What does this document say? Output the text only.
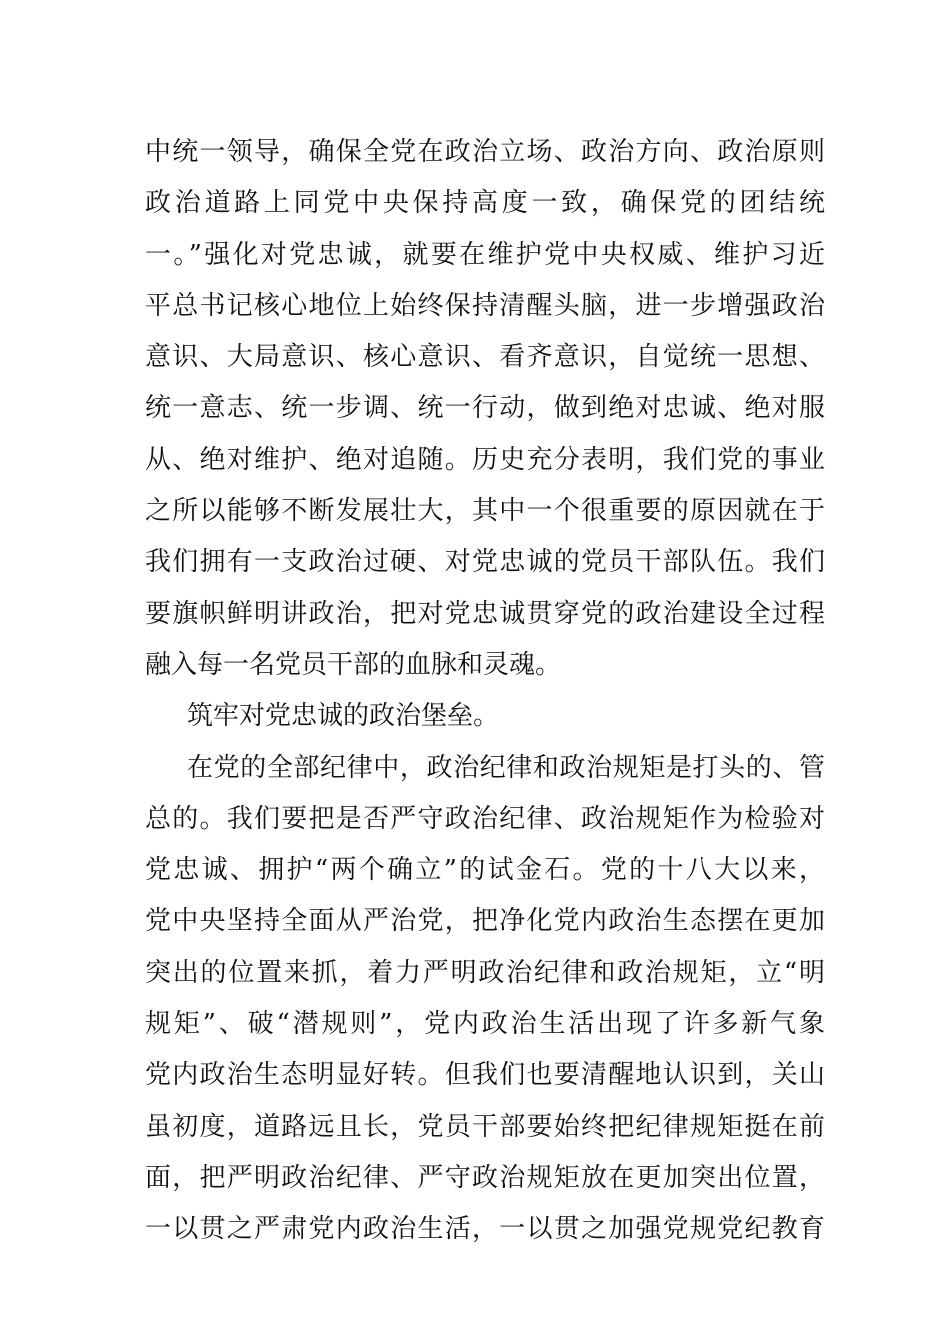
中统一领导，确保全党在政治立场、政治方向、政治原则
政治道路上同党中央保持高度一致，确保党的团结统
一。”强化对党忠诚，就要在维护党中央权威、维护习近
平总书记核心地位上始终保持清醒头脑，进一步增强政治
意识、大局意识、核心意识、看齐意识，自觉统一思想、
统一意志、统一步调、统一行动，做到绝对忠诚、绝对服
从、绝对维护、绝对追随。历史充分表明，我们党的事业
之所以能够不断发展壮大，其中一个很重要的原因就在于
我们拥有一支政治过硬、对党忠诚的党员干部队伍。我们
要旗帜鲜明讲政治，把对党忠诚贯穿党的政治建设全过程
融入每一名党员干部的血脉和灵魂。
筑牢对党忠诚的政治堡垒。
在党的全部纪律中，政治纪律和政治规矩是打头的、管
总的。我们要把是否严守政治纪律、政治规矩作为检验对
党忠诚、拥护“两个确立”的试金石。党的十八大以来，
党中央坚持全面从严治党，把净化党内政治生态摆在更加
突出的位置来抓，着力严明政治纪律和政治规矩，立“明
规矩”、破“潜规则”，党内政治生活出现了许多新气象
党内政治生态明显好转。但我们也要清醒地认识到，关山
虽初度，道路远且长，党员干部要始终把纪律规矩挺在前
面，把严明政治纪律、严守政治规矩放在更加突出位置，
一以贯之严肃党内政治生活，一以贯之加强党规党纪教育
